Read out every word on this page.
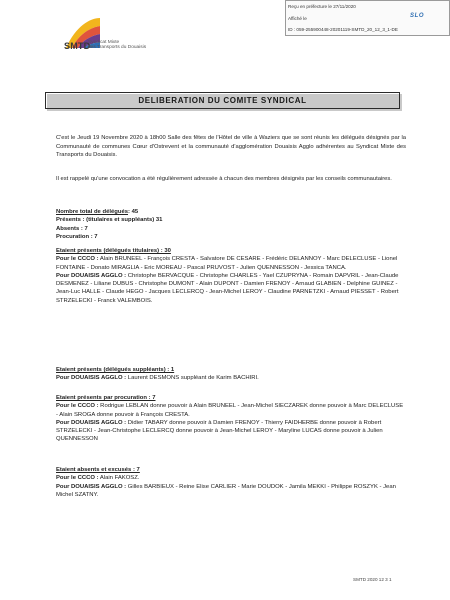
Reçu en préfecture le 27/11/2020
Affiché le
ID : 059-255900448-20201119-SMTD_20_12_3_1-DE
SLO
SMTD
Syndicat Mixte
des Transports du Douaisis
DELIBERATION DU COMITE SYNDICAL
C'est le Jeudi 19 Novembre 2020 à 18h00 Salle des fêtes de l'Hôtel de ville à Waziers que se sont réunis les délégués désignés par la Communauté de communes Cœur d'Ostrevent et la communauté d'agglomération Douaisis Agglo adhérentes au Syndicat Mixte des Transports du Douaisis.
Il est rappelé qu'une convocation a été régulièrement adressée à chacun des membres désignés par les conseils communautaires.
Nombre total de délégués: 45
Présents : (titulaires et suppléants) 31
Absents : 7
Procuration : 7
Etaient présents (délégués titulaires) : 30
Pour le CCCO : Alain BRUNEEL - François CRESTA - Salvatore DE CESARE - Frédéric DELANNOY - Marc DELECLUSE - Lionel FONTAINE - Donato MIRAGLIA - Eric MOREAU - Pascal PRUVOST - Julien QUENNESSON - Jessica TANCA.
Pour DOUAISIS AGGLO : Christophe BERVACQUE - Christophe CHARLES - Yael CZUPRYNA - Romain DAPVRIL - Jean-Claude DESMENEZ - Liliane DUBUS - Christophe DUMONT - Alain DUPONT - Damien FRENOY - Arnaud GLABIEN - Delphine GUINEZ - Jean-Luc HALLE - Claude HEGO - Jacques LECLERCQ - Jean-Michel LEROY - Claudine PARNETZKI - Arnaud PIESSET - Robert STRZELECKI - Franck VALEMBOIS.
Etaient présents (délégués suppléants) : 1
Pour DOUAISIS AGGLO : Laurent DESMONS suppléant de Karim BACHIRI.
Etaient présents par procuration : 7
Pour le CCCO : Rodrigue LEBLAN donne pouvoir à Alain BRUNEEL - Jean-Michel SIECZAREK donne pouvoir à Marc DELECLUSE - Alain SROGA donne pouvoir à François CRESTA.
Pour DOUAISIS AGGLO : Didier TABARY donne pouvoir à Damien FRENOY - Thierry FAIDHERBE donne pouvoir à Robert STRZELECKI - Jean-Christophe LECLERCQ donne pouvoir à Jean-Michel LEROY - Maryline LUCAS donne pouvoir à Julien QUENNESSON
Etaient absents et excusés : 7
Pour le CCCO : Alain FAKOSZ.
Pour DOUAISIS AGGLO : Gilles BARBIEUX - Reine Elise CARLIER - Marie DOUDOK - Jamila MEKKI - Philippe ROSZYK - Jean Michel SZATNY.
SMTD 2020 12 3 1
